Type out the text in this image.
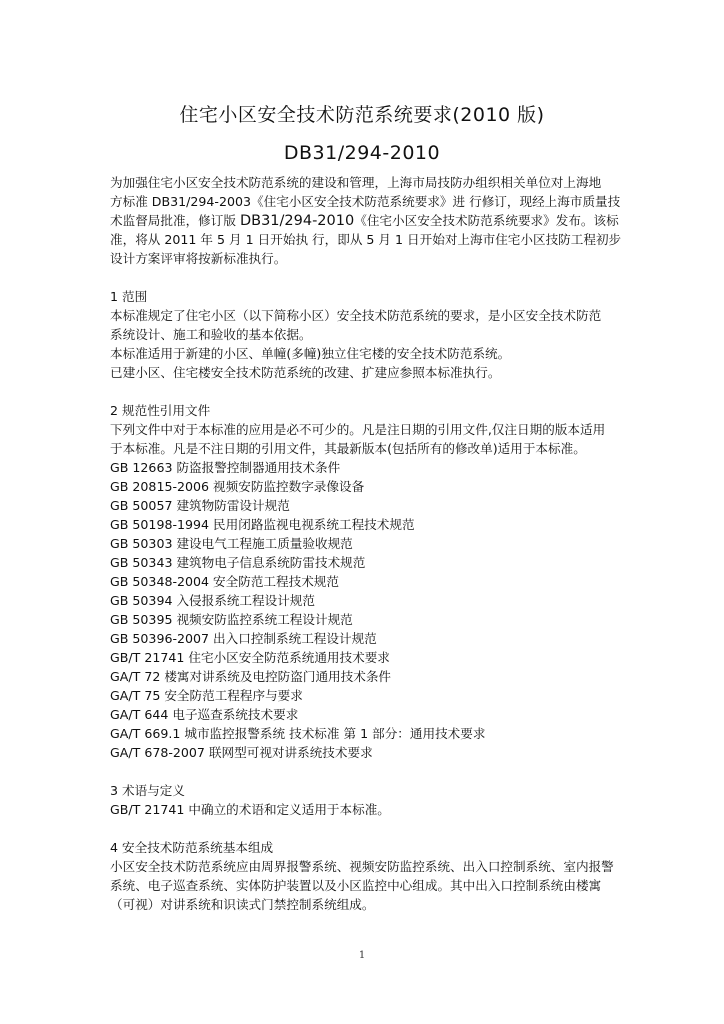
住宅小区安全技术防范系统要求(2010 版)
DB31/294-2010
为加强住宅小区安全技术防范系统的建设和管理，上海市局技防办组织相关单位对上海地
方标准 DB31/294-2003《住宅小区安全技术防范系统要求》进 行修订，现经上海市质量技
术监督局批准，修订版 DB31/294-2010《住宅小区安全技术防范系统要求》发布。该标
准，将从 2011 年 5 月 1 日开始执 行，即从 5 月 1 日开始对上海市住宅小区技防工程初步
设计方案评审将按新标准执行。
1 范围
本标准规定了住宅小区（以下简称小区）安全技术防范系统的要求，是小区安全技术防范
系统设计、施工和验收的基本依据。
本标准适用于新建的小区、单幢(多幢)独立住宅楼的安全技术防范系统。
已建小区、住宅楼安全技术防范系统的改建、扩建应参照本标准执行。
2 规范性引用文件
下列文件中对于本标准的应用是必不可少的。凡是注日期的引用文件,仅注日期的版本适用
于本标准。凡是不注日期的引用文件，其最新版本(包括所有的修改单)适用于本标准。
GB 12663 防盗报警控制器通用技术条件
GB 20815-2006 视频安防监控数字录像设备
GB 50057 建筑物防雷设计规范
GB 50198-1994 民用闭路监视电视系统工程技术规范
GB 50303 建设电气工程施工质量验收规范
GB 50343 建筑物电子信息系统防雷技术规范
GB 50348-2004 安全防范工程技术规范
GB 50394 入侵报系统工程设计规范
GB 50395 视频安防监控系统工程设计规范
GB 50396-2007 出入口控制系统工程设计规范
GB/T 21741 住宅小区安全防范系统通用技术要求
GA/T 72 楼寓对讲系统及电控防盗门通用技术条件
GA/T 75 安全防范工程程序与要求
GA/T 644 电子巡查系统技术要求
GA/T 669.1 城市监控报警系统 技术标准 第 1 部分：通用技术要求
GA/T 678-2007 联网型可视对讲系统技术要求
3 术语与定义
GB/T 21741 中确立的术语和定义适用于本标准。
4 安全技术防范系统基本组成
小区安全技术防范系统应由周界报警系统、视频安防监控系统、出入口控制系统、室内报警
系统、电子巡查系统、实体防护装置以及小区监控中心组成。其中出入口控制系统由楼寓
（可视）对讲系统和识读式门禁控制系统组成。
1
